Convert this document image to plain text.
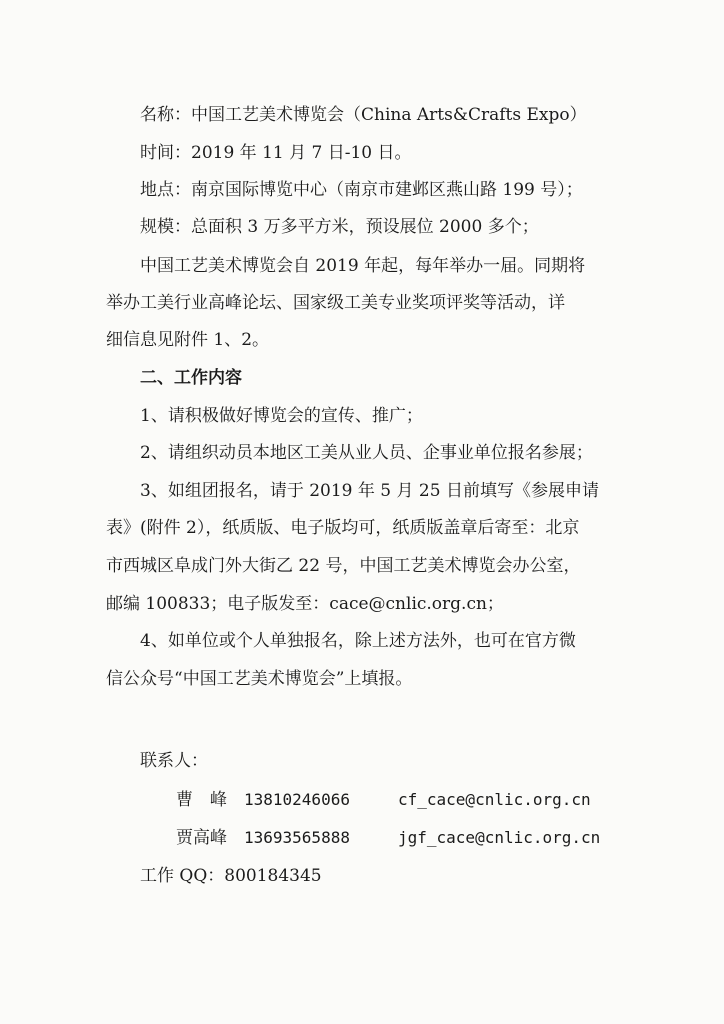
名称：中国工艺美术博览会（China Arts&Crafts Expo）
时间：2019 年 11 月 7 日-10 日。
地点：南京国际博览中心（南京市建邺区燕山路 199 号）；
规模：总面积 3 万多平方米，预设展位 2000 多个；
中国工艺美术博览会自 2019 年起，每年举办一届。同期将
举办工美行业高峰论坛、国家级工美专业奖项评奖等活动，详
细信息见附件 1、2。
二、工作内容
1、请积极做好博览会的宣传、推广；
2、请组织动员本地区工美从业人员、企事业单位报名参展；
3、如组团报名，请于 2019 年 5 月 25 日前填写《参展申请
表》(附件 2），纸质版、电子版均可，纸质版盖章后寄至：北京
市西城区阜成门外大街乙 22 号，中国工艺美术博览会办公室，
邮编 100833；电子版发至：cace@cnlic.org.cn；
4、如单位或个人单独报名，除上述方法外，也可在官方微
信公众号“中国工艺美术博览会”上填报。
联系人：
曹　峰 13810246066	cf_cace@cnlic.org.cn
贾高峰 13693565888	jgf_cace@cnlic.org.cn
工作 QQ：800184345
